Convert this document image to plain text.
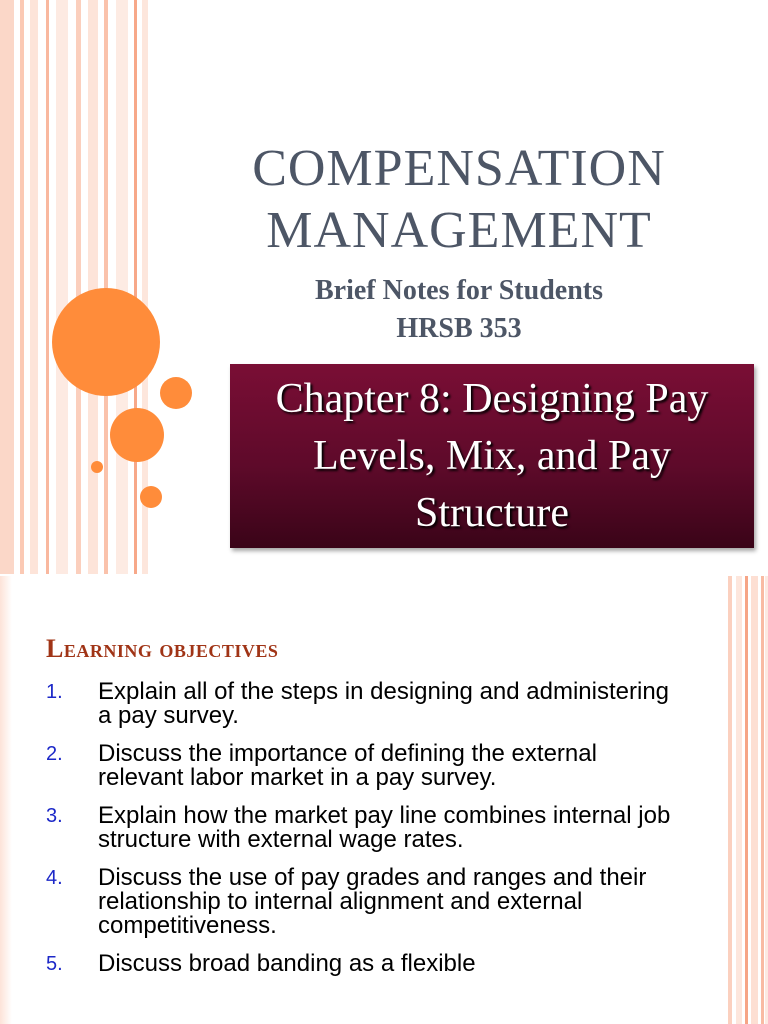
COMPENSATION
MANAGEMENT
Brief Notes for Students
HRSB 353
Chapter 8: Designing Pay
Levels, Mix, and Pay
Structure
Learning objectives
1.	Explain all of the steps in designing and administering a pay survey.
2.	Discuss the importance of defining the external relevant labor market in a pay survey.
3.	Explain how the market pay line combines internal job structure with external wage rates.
4.	Discuss the use of pay grades and ranges and their relationship to internal alignment and external competitiveness.
5.	Discuss broad banding as a flexible
